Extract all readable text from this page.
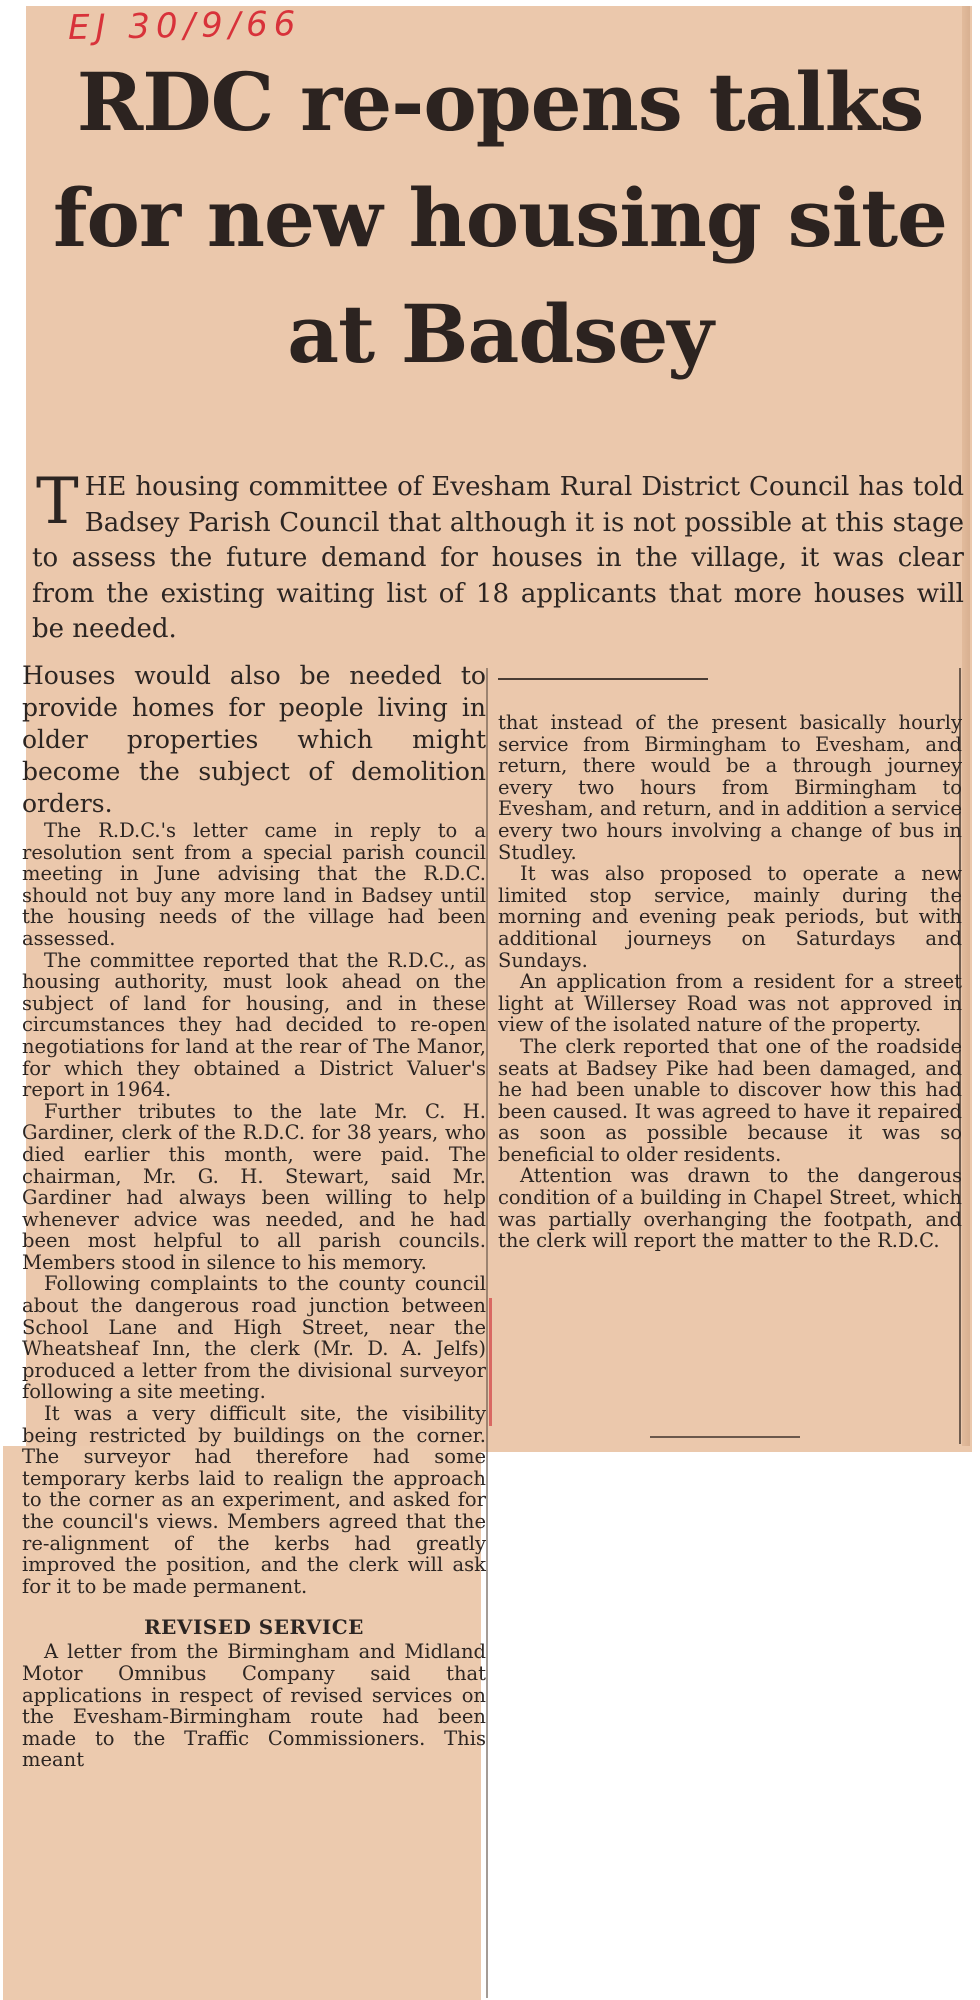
EJ 30/9/66

RDC re-opens talks for new housing site at Badsey

THE housing committee of Evesham Rural District Council has told Badsey Parish Council that although it is not possible at this stage to assess the future demand for houses in the village, it was clear from the existing waiting list of 18 applicants that more houses will be needed.

Houses would also be needed to provide homes for people living in older properties which might become the subject of demolition orders.

The R.D.C.'s letter came in reply to a resolution sent from a special parish council meeting in June advising that the R.D.C. should not buy any more land in Badsey until the housing needs of the village had been assessed.

The committee reported that the R.D.C., as housing authority, must look ahead on the subject of land for housing, and in these circumstances they had decided to re-open negotiations for land at the rear of The Manor, for which they obtained a District Valuer's report in 1964.

Further tributes to the late Mr. C. H. Gardiner, clerk of the R.D.C. for 38 years, who died earlier this month, were paid. The chairman, Mr. G. H. Stewart, said Mr. Gardiner had always been willing to help whenever advice was needed, and he had been most helpful to all parish councils. Members stood in silence to his memory.

Following complaints to the county council about the dangerous road junction between School Lane and High Street, near the Wheatsheaf Inn, the clerk (Mr. D. A. Jelfs) produced a letter from the divisional surveyor following a site meeting.

It was a very difficult site, the visibility being restricted by buildings on the corner. The surveyor had therefore had some temporary kerbs laid to realign the approach to the corner as an experiment, and asked for the council's views. Members agreed that the re-alignment of the kerbs had greatly improved the position, and the clerk will ask for it to be made permanent.

REVISED SERVICE

A letter from the Birmingham and Midland Motor Omnibus Company said that applications in respect of revised services on the Evesham-Birmingham route had been made to the Traffic Commissioners. This meant

that instead of the present basically hourly service from Birmingham to Evesham, and return, there would be a through journey every two hours from Birmingham to Evesham, and return, and in addition a service every two hours involving a change of bus in Studley.

It was also proposed to operate a new limited stop service, mainly during the morning and evening peak periods, but with additional journeys on Saturdays and Sundays.

An application from a resident for a street light at Willersey Road was not approved in view of the isolated nature of the property.

The clerk reported that one of the roadside seats at Badsey Pike had been damaged, and he had been unable to discover how this had been caused. It was agreed to have it repaired as soon as possible because it was so beneficial to older residents.

Attention was drawn to the dangerous condition of a building in Chapel Street, which was partially overhanging the footpath, and the clerk will report the matter to the R.D.C.
